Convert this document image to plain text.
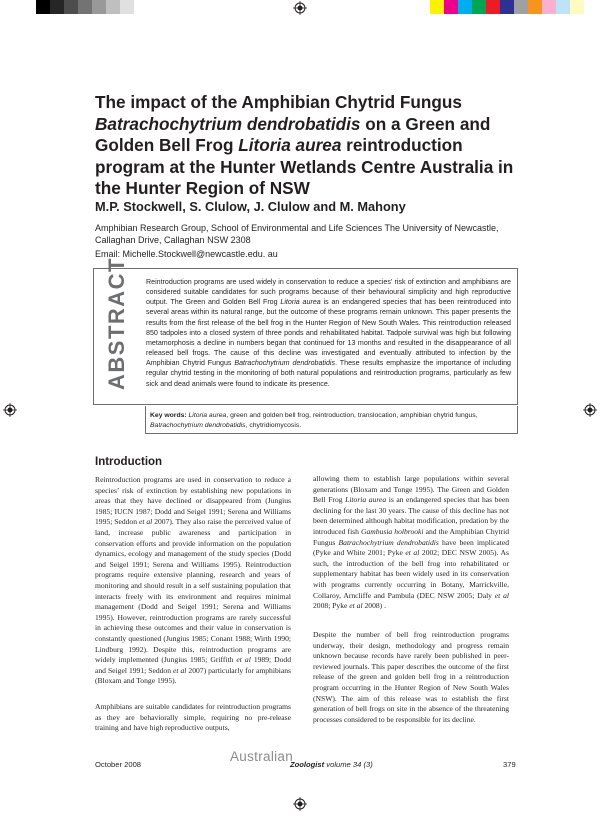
The impact of the Amphibian Chytrid Fungus Batrachochytrium dendrobatidis on a Green and Golden Bell Frog Litoria aurea reintroduction program at the Hunter Wetlands Centre Australia in the Hunter Region of NSW
M.P. Stockwell, S. Clulow, J. Clulow and M. Mahony
Amphibian Research Group, School of Environmental and Life Sciences The University of Newcastle, Callaghan Drive, Callaghan NSW 2308
Email: Michelle.Stockwell@newcastle.edu. au
ABSTRACT Reintroduction programs are used widely in conservation to reduce a species’ risk of extinction and amphibians are considered suitable candidates for such programs because of their behavioural simplicity and high reproductive output. The Green and Golden Bell Frog Litoria aurea is an endangered species that has been reintroduced into several areas within its natural range, but the outcome of these programs remain unknown. This paper presents the results from the first release of the bell frog in the Hunter Region of New South Wales. This reintroduction released 850 tadpoles into a closed system of three ponds and rehabilitated habitat. Tadpole survival was high but following metamorphosis a decline in numbers began that continued for 13 months and resulted in the disappearance of all released bell frogs. The cause of this decline was investigated and eventually attributed to infection by the Amphibian Chytrid Fungus Batrachochytrium dendrobatidis. These results emphasize the importance of including regular chytrid testing in the monitoring of both natural populations and reintroduction programs, particularly as few sick and dead animals were found to indicate its presence.
Key words: Litoria aurea, green and golden bell frog, reintroduction, translocation, amphibian chytrid fungus, Batrachochytrium dendrobatidis, chytridiomycosis.
Introduction
Reintroduction programs are used in conservation to reduce a species’ risk of extinction by establishing new populations in areas that they have declined or disappeared from (Jungius 1985; IUCN 1987; Dodd and Seigel 1991; Serena and Williams 1995; Seddon et al 2007). They also raise the perceived value of land, increase public awareness and participation in conservation efforts and provide information on the population dynamics, ecology and management of the study species (Dodd and Seigel 1991; Serena and Williams 1995). Reintroduction programs require extensive planning, research and years of monitoring and should result in a self sustaining population that interacts freely with its environment and requires minimal management (Dodd and Seigel 1991; Serena and Williams 1995). However, reintroduction programs are rarely successful in achieving these outcomes and their value in conservation is constantly questioned (Jungius 1985; Conant 1988; Wirth 1990; Lindburg 1992). Despite this, reintroduction programs are widely implemented (Jungius 1985; Griffith et al 1989; Dodd and Seigel 1991; Seddon et al 2007) particularly for amphibians (Bloxam and Tonge 1995).
Amphibians are suitable candidates for reintroduction programs as they are behaviorally simple, requiring no pre-release training and have high reproductive outputs,
allowing them to establish large populations within several generations (Bloxam and Tonge 1995). The Green and Golden Bell Frog Litoria aurea is an endangered species that has been declining for the last 30 years. The cause of this decline has not been determined although habitat modification, predation by the introduced fish Gambusia holbrooki and the Amphibian Chytrid Fungus Batrachochytrium dendrobatidis have been implicated (Pyke and White 2001; Pyke et al 2002; DEC NSW 2005). As such, the introduction of the bell frog into rehabilitated or supplementary habitat has been widely used in its conservation with programs currently occurring in Botany, Marrickville, Collaroy, Arncliffe and Pambula (DEC NSW 2005; Daly et al 2008; Pyke et al 2008) .
Despite the number of bell frog reintroduction programs underway, their design, methodology and progress remain unknown because records have rarely been published in peer-reviewed journals. This paper describes the outcome of the first release of the green and golden bell frog in a reintroduction program occurring in the Hunter Region of New South Wales (NSW). The aim of this release was to establish the first generation of bell frogs on site in the absence of the threatening processes considered to be responsible for its decline.
October 2008
Australian
Zoologist volume 34 (3)	379
